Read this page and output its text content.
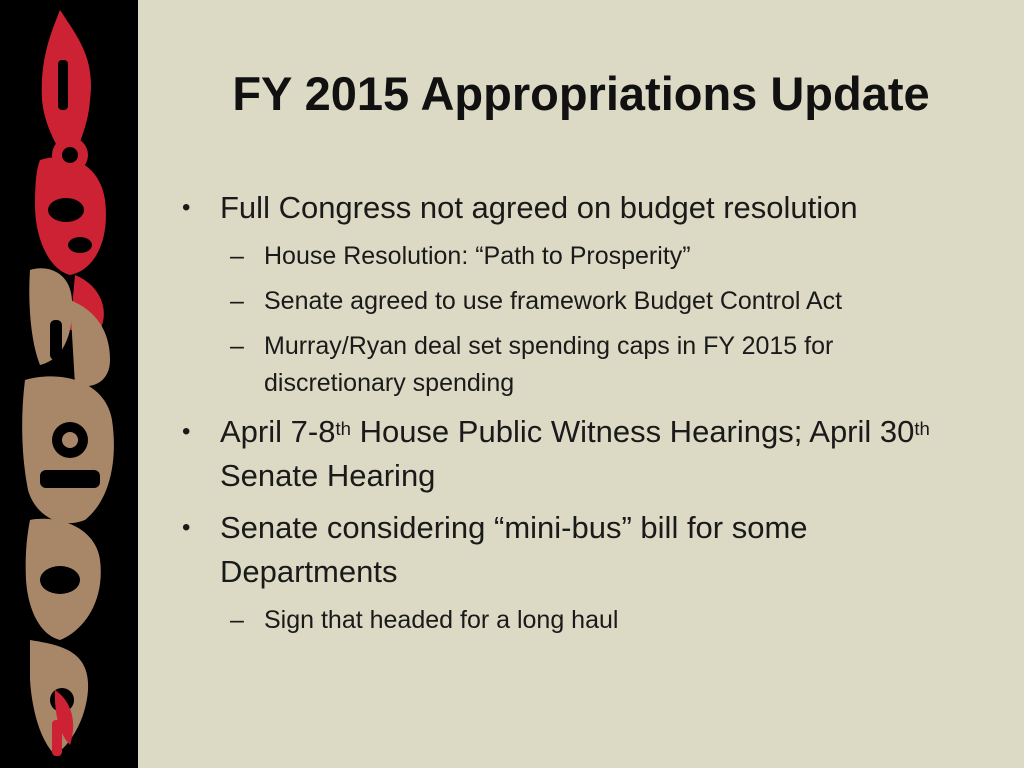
FY 2015 Appropriations Update
• Full Congress not agreed on budget resolution
– House Resolution: “Path to Prosperity”
– Senate agreed to use framework Budget Control Act
– Murray/Ryan deal set spending caps in FY 2015 for discretionary spending
• April 7-8th House Public Witness Hearings; April 30th Senate Hearing
• Senate considering “mini-bus” bill for some Departments
– Sign that headed for a long haul
